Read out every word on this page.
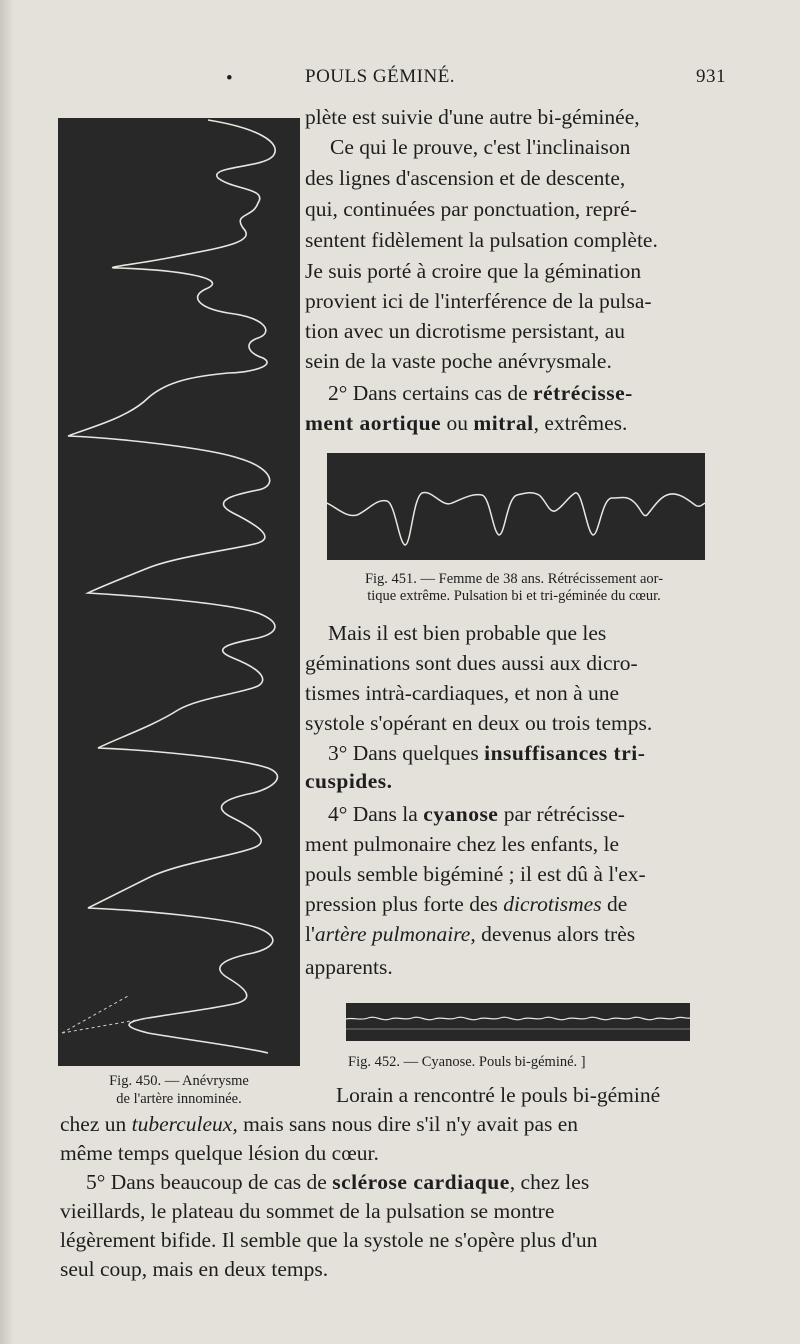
•	POULS GÉMINÉ.	931
Fig. 450. — Anévrysme
de l'artère innominée.
plète est suivie d'une autre bi-géminée,
Ce qui le prouve, c'est l'inclinaison
des lignes d'ascension et de descente,
qui, continuées par ponctuation, repré-
sentent fidèlement la pulsation complète.
Je suis porté à croire que la gémination
provient ici de l'interférence de la pulsa-
tion avec un dicrotisme persistant, au
sein de la vaste poche anévrysmale.
2° Dans certains cas de rétrécisse-
ment aortique ou mitral, extrêmes.
Fig. 451. — Femme de 38 ans. Rétrécissement aor-
tique extrême. Pulsation bi et tri-géminée du cœur.
Mais il est bien probable que les
géminations sont dues aussi aux dicro-
tismes intrà-cardiaques, et non à une
systole s'opérant en deux ou trois temps.
3° Dans quelques insuffisances tri-
cuspides.
4° Dans la cyanose par rétrécisse-
ment pulmonaire chez les enfants, le
pouls semble bigéminé ; il est dû à l'ex-
pression plus forte des dicrotismes de
l'artère pulmonaire, devenus alors très
apparents.
Fig. 452. — Cyanose. Pouls bi-géminé. ]
Lorain a rencontré le pouls bi-géminé
chez un tuberculeux, mais sans nous dire s'il n'y avait pas en
même temps quelque lésion du cœur.
5° Dans beaucoup de cas de sclérose cardiaque, chez les
vieillards, le plateau du sommet de la pulsation se montre
légèrement bifide. Il semble que la systole ne s'opère plus d'un
seul coup, mais en deux temps.
